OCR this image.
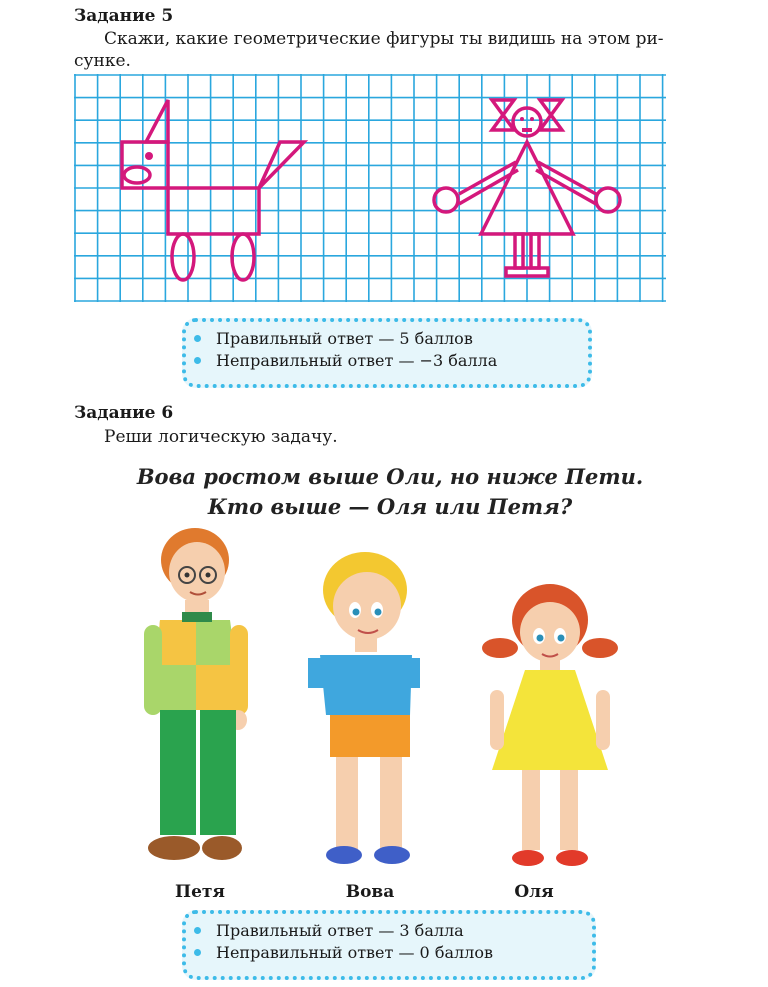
Задание 5
Скажи, какие геометрические фигуры ты видишь на этом ри-
сунке.
Правильный ответ — 5 баллов
Неправильный ответ — −3 балла
Задание 6
Реши логическую задачу.
Вова ростом выше Оли, но ниже Пети.
Кто выше — Оля или Петя?
Петя	Вова	Оля
Правильный ответ — 3 балла
Неправильный ответ — 0 баллов
